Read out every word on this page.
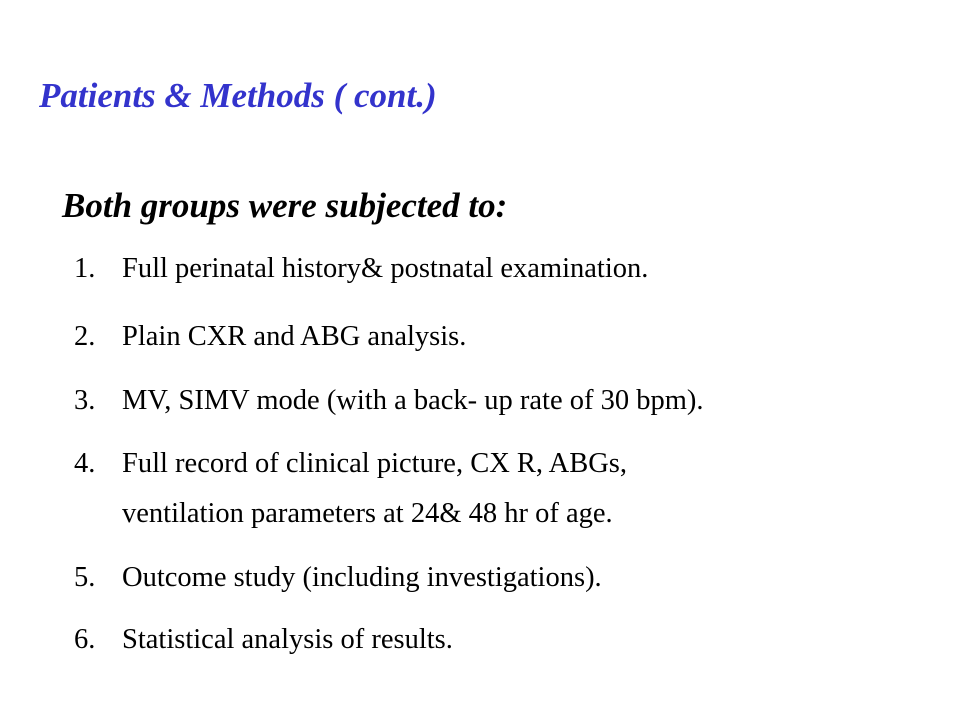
Patients & Methods ( cont.)
Both groups were subjected to:
1. Full perinatal history& postnatal examination.
2. Plain CXR and ABG analysis.
3. MV, SIMV mode (with a back- up rate of 30 bpm).
4. Full record of clinical picture, CX R, ABGs,
ventilation parameters at 24& 48 hr of age.
5. Outcome study (including investigations).
6. Statistical analysis of results.
